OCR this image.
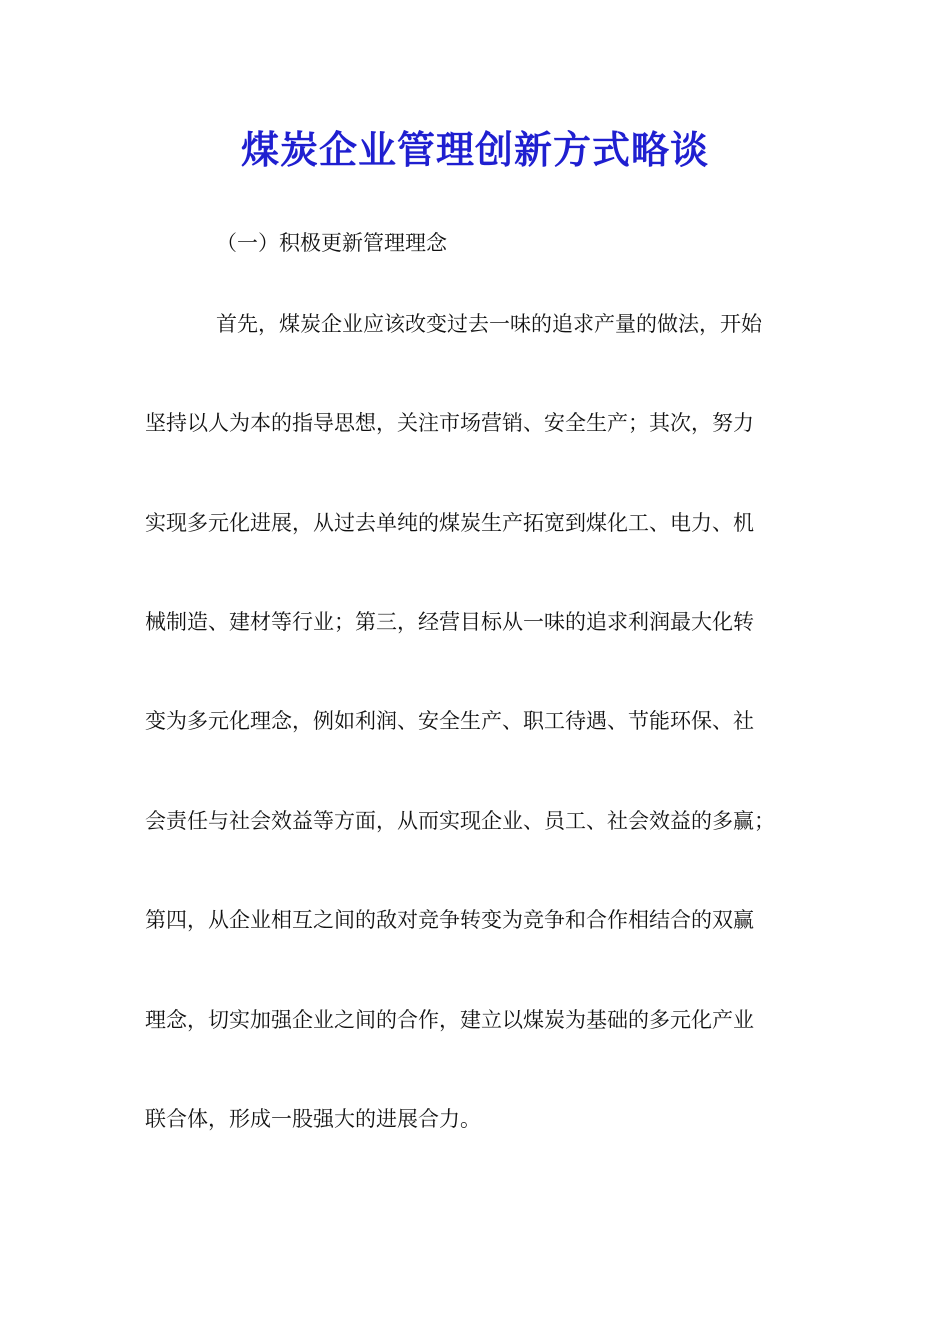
煤炭企业管理创新方式略谈
（一）积极更新管理理念
首先，煤炭企业应该改变过去一味的追求产量的做法，开始
坚持以人为本的指导思想，关注市场营销、安全生产；其次，努力
实现多元化进展，从过去单纯的煤炭生产拓宽到煤化工、电力、机
械制造、建材等行业；第三，经营目标从一味的追求利润最大化转
变为多元化理念，例如利润、安全生产、职工待遇、节能环保、社
会责任与社会效益等方面，从而实现企业、员工、社会效益的多赢；
第四，从企业相互之间的敌对竞争转变为竞争和合作相结合的双赢
理念，切实加强企业之间的合作，建立以煤炭为基础的多元化产业
联合体，形成一股强大的进展合力。
